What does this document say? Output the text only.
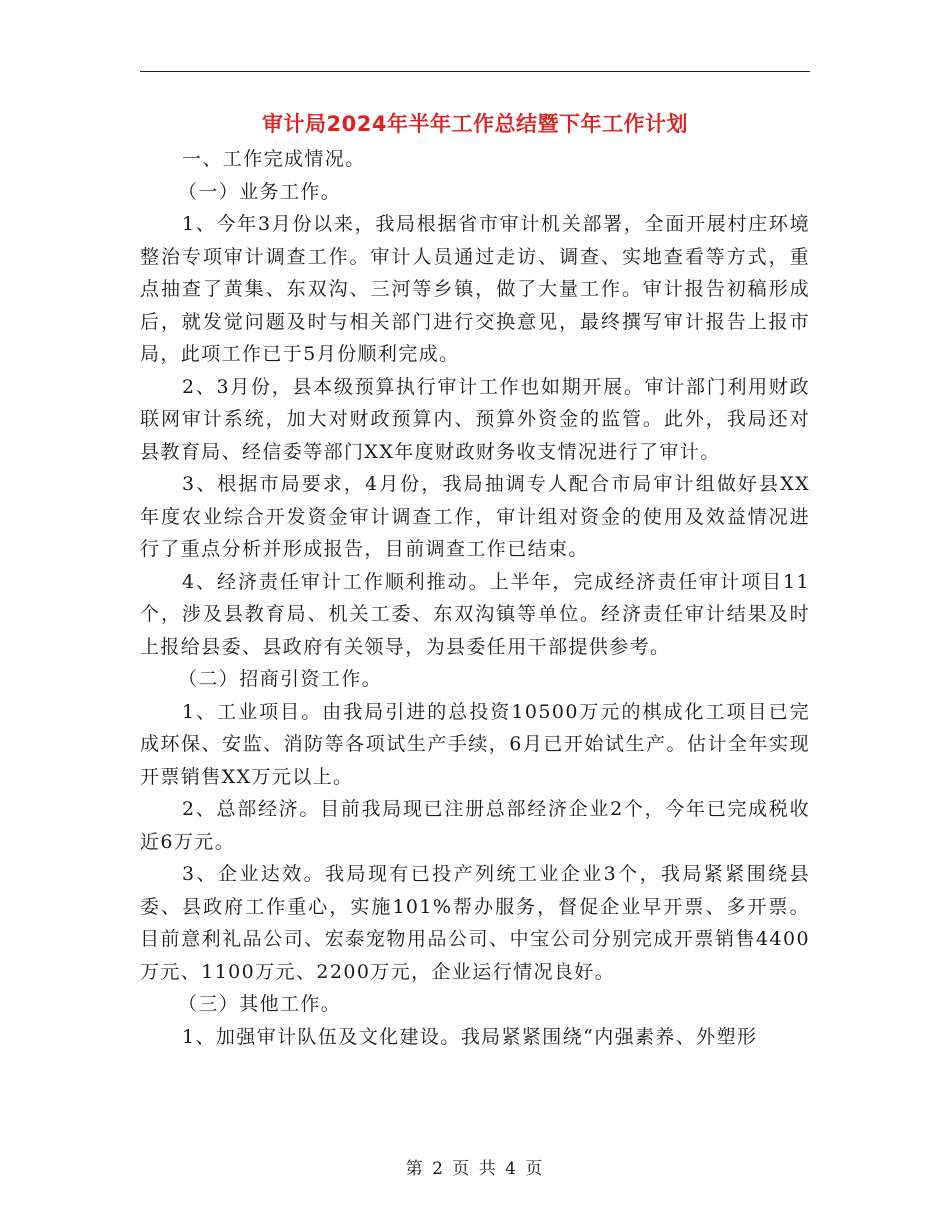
审计局2024年半年工作总结暨下年工作计划

一、工作完成情况。

（一）业务工作。

1、今年3月份以来，我局根据省市审计机关部署，全面开展村庄环境整治专项审计调查工作。审计人员通过走访、调查、实地查看等方式，重点抽查了黄集、东双沟、三河等乡镇，做了大量工作。审计报告初稿形成后，就发觉问题及时与相关部门进行交换意见，最终撰写审计报告上报市局，此项工作已于5月份顺利完成。

2、3月份，县本级预算执行审计工作也如期开展。审计部门利用财政联网审计系统，加大对财政预算内、预算外资金的监管。此外，我局还对县教育局、经信委等部门XX年度财政财务收支情况进行了审计。

3、根据市局要求，4月份，我局抽调专人配合市局审计组做好县XX年度农业综合开发资金审计调查工作，审计组对资金的使用及效益情况进行了重点分析并形成报告，目前调查工作已结束。

4、经济责任审计工作顺利推动。上半年，完成经济责任审计项目11个，涉及县教育局、机关工委、东双沟镇等单位。经济责任审计结果及时上报给县委、县政府有关领导，为县委任用干部提供参考。

（二）招商引资工作。

1、工业项目。由我局引进的总投资10500万元的棋成化工项目已完成环保、安监、消防等各项试生产手续，6月已开始试生产。估计全年实现开票销售XX万元以上。

2、总部经济。目前我局现已注册总部经济企业2个，今年已完成税收近6万元。

3、企业达效。我局现有已投产列统工业企业3个，我局紧紧围绕县委、县政府工作重心，实施101%帮办服务，督促企业早开票、多开票。目前意利礼品公司、宏泰宠物用品公司、中宝公司分别完成开票销售4400万元、1100万元、2200万元，企业运行情况良好。

（三）其他工作。

1、加强审计队伍及文化建设。我局紧紧围绕“内强素养、外塑形

第 2 页 共 4 页
